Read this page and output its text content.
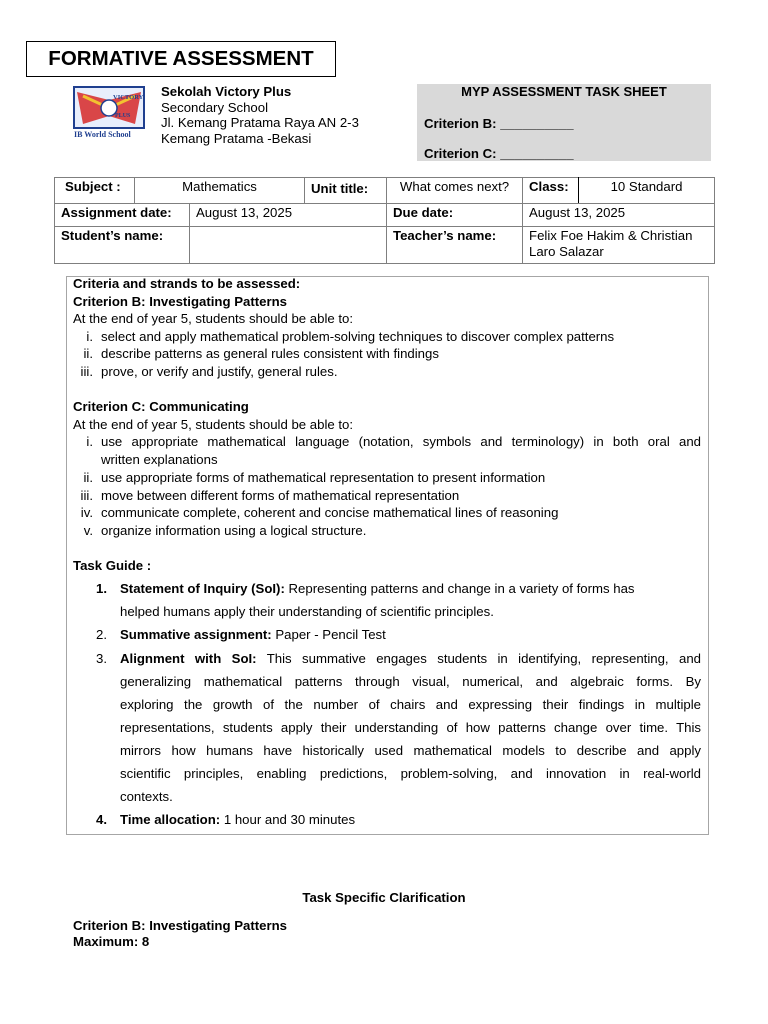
FORMATIVE ASSESSMENT
VICTORY
PLUS
IB World School
Sekolah Victory Plus
Secondary School
Jl. Kemang Pratama Raya AN 2-3
Kemang Pratama -Bekasi
MYP ASSESSMENT TASK SHEET
Criterion B: __________
Criterion C: __________
Subject :	Mathematics		Unit title:	What comes next?	Class:	10 Standard
Assignment date:		August 13, 2025		Due date:	August 13, 2025	
Student’s name:				Teacher’s name:	Felix Foe Hakim & Christian
Laro Salazar	
Criteria and strands to be assessed:
Criterion B: Investigating Patterns
At the end of year 5, students should be able to:
i. select and apply mathematical problem-solving techniques to discover complex patterns
ii. describe patterns as general rules consistent with findings
iii. prove, or verify and justify, general rules.
Criterion C: Communicating
At the end of year 5, students should be able to:
i. use appropriate mathematical language (notation, symbols and terminology) in both oral and
written explanations
ii. use appropriate forms of mathematical representation to present information
iii. move between different forms of mathematical representation
iv. communicate complete, coherent and concise mathematical lines of reasoning
v. organize information using a logical structure.
Task Guide :
1. Statement of Inquiry (SoI): Representing patterns and change in a variety of forms has
helped humans apply their understanding of scientific principles.
2. Summative assignment: Paper - Pencil Test
3. Alignment with SoI: This summative engages students in identifying, representing, and
generalizing mathematical patterns through visual, numerical, and algebraic forms. By
exploring the growth of the number of chairs and expressing their findings in multiple
representations, students apply their understanding of how patterns change over time. This
mirrors how humans have historically used mathematical models to describe and apply
scientific principles, enabling predictions, problem-solving, and innovation in real-world
contexts.
4. Time allocation: 1 hour and 30 minutes
Task Specific Clarification
Criterion B: Investigating Patterns
Maximum: 8
